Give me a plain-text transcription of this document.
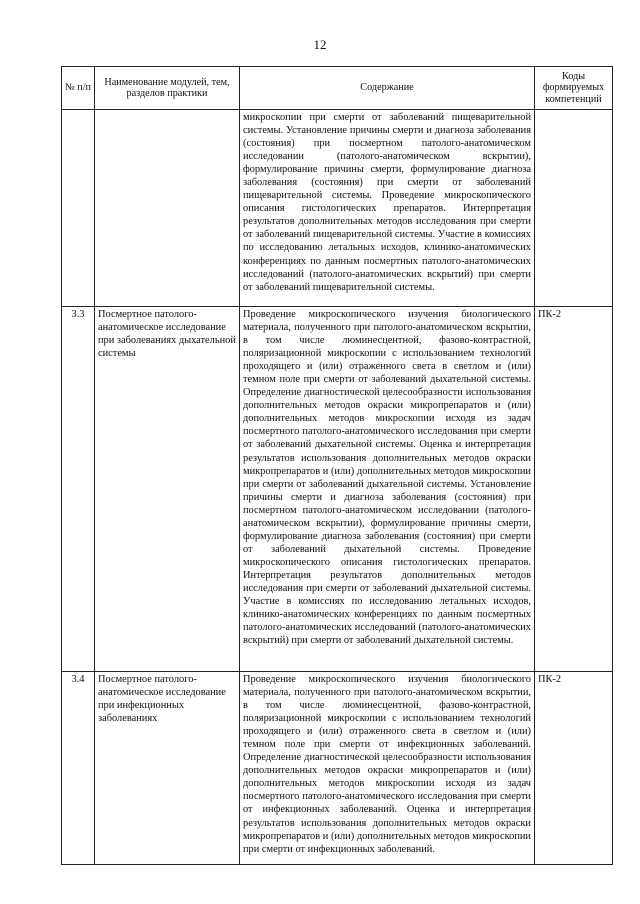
12
№ п/п	Наименование модулей, тем, разделов практики	Содержание	Коды формируемых компетенций
		микроскопии при смерти от заболеваний пищеварительной системы. Установление причины смерти и диагноза заболевания (состояния) при посмертном патолого-анатомическом исследовании (патолого-анатомическом вскрытии), формулирование причины смерти, формулирование диагноза заболевания (состояния) при смерти от заболеваний пищеварительной системы. Проведение микроскопического описания гистологических препаратов. Интерпретация результатов дополнительных методов исследования при смерти от заболеваний пищеварительной системы. Участие в комиссиях по исследованию летальных исходов, клинико-анатомических конференциях по данным посмертных патолого-анатомических исследований (патолого-анатомических вскрытий) при смерти от заболеваний пищеварительной системы.	
3.3	Посмертное патолого-анатомическое исследование при заболеваниях дыхательной системы	Проведение микроскопического изучения биологического материала, полученного при патолого-анатомическом вскрытии, в том числе люминесцентной, фазово-контрастной, поляризационной микроскопии с использованием технологий проходящего и (или) отраженного света в светлом и (или) темном поле при смерти от заболеваний дыхательной системы. Определение диагностической целесообразности использования дополнительных методов окраски микропрепаратов и (или) дополнительных методов микроскопии исходя из задач посмертного патолого-анатомического исследования при смерти от заболеваний дыхательной системы. Оценка и интерпретация результатов использования дополнительных методов окраски микропрепаратов и (или) дополнительных методов микроскопии при смерти от заболеваний дыхательной системы. Установление причины смерти и диагноза заболевания (состояния) при посмертном патолого-анатомическом исследовании (патолого-анатомическом вскрытии), формулирование причины смерти, формулирование диагноза заболевания (состояния) при смерти от заболеваний дыхательной системы. Проведение микроскопического описания гистологических препаратов. Интерпретация результатов дополнительных методов исследования при смерти от заболеваний дыхательной системы. Участие в комиссиях по исследованию летальных исходов, клинико-анатомических конференциях по данным посмертных патолого-анатомических исследований (патолого-анатомических вскрытий) при смерти от заболеваний дыхательной системы.	ПК-2
3.4	Посмертное патолого-анатомическое исследование при инфекционных заболеваниях	Проведение микроскопического изучения биологического материала, полученного при патолого-анатомическом вскрытии, в том числе люминесцентной, фазово-контрастной, поляризационной микроскопии с использованием технологий проходящего и (или) отраженного света в светлом и (или) темном поле при смерти от инфекционных заболеваний. Определение диагностической целесообразности использования дополнительных методов окраски микропрепаратов и (или) дополнительных методов микроскопии исходя из задач посмертного патолого-анатомического исследования при смерти от инфекционных заболеваний. Оценка и интерпретация результатов использования дополнительных методов окраски микропрепаратов и (или) дополнительных методов микроскопии при смерти от инфекционных заболеваний.	ПК-2
